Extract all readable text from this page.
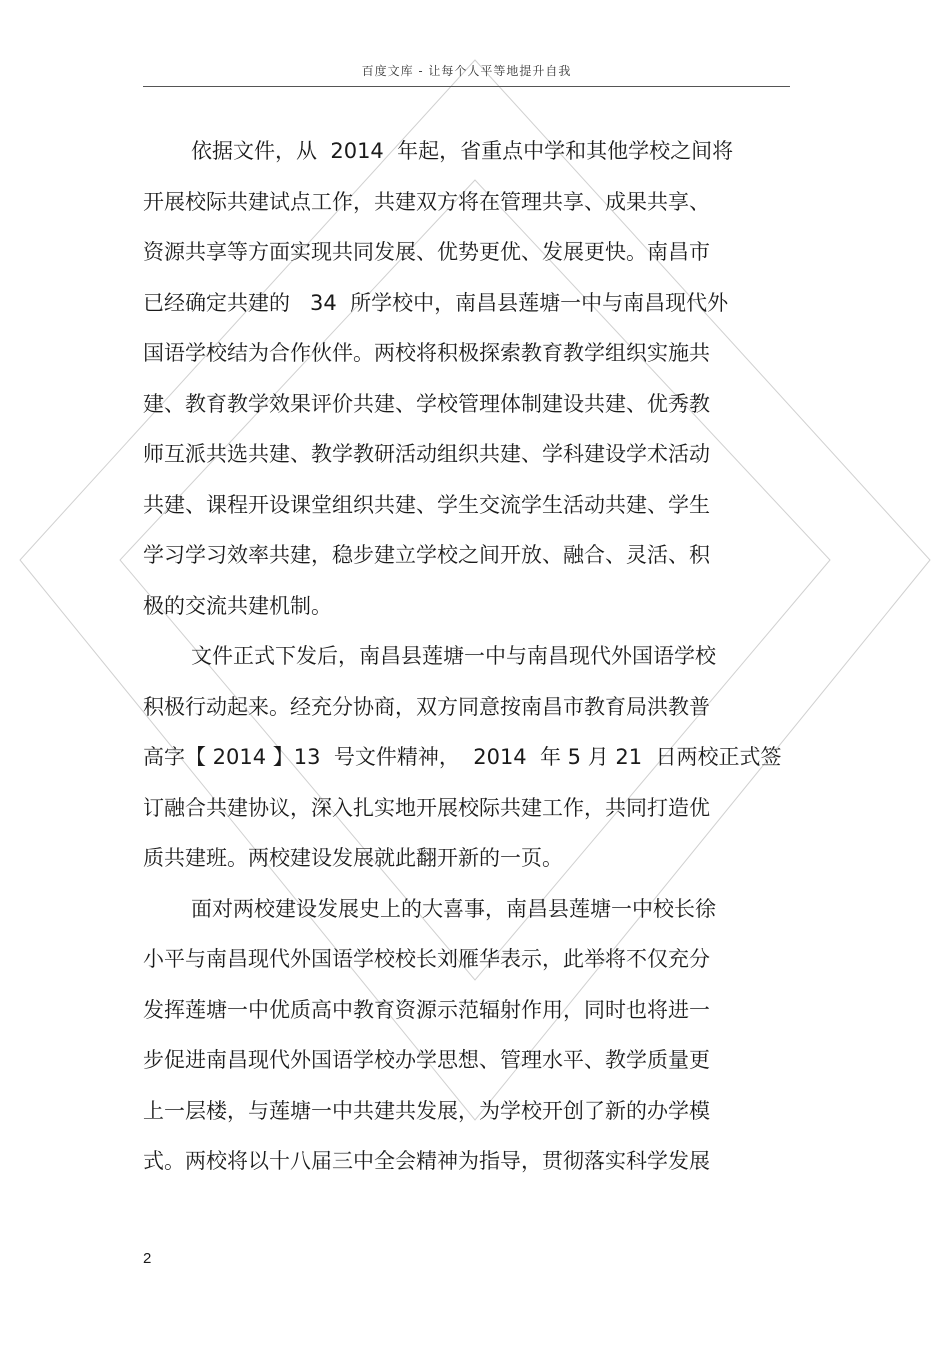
百度文库 - 让每个人平等地提升自我
依据文件，从  2014  年起，省重点中学和其他学校之间将
开展校际共建试点工作，共建双方将在管理共享、成果共享、
资源共享等方面实现共同发展、优势更优、发展更快。南昌市
已经确定共建的   34  所学校中，南昌县莲塘一中与南昌现代外
国语学校结为合作伙伴。两校将积极探索教育教学组织实施共
建、教育教学效果评价共建、学校管理体制建设共建、优秀教
师互派共选共建、教学教研活动组织共建、学科建设学术活动
共建、课程开设课堂组织共建、学生交流学生活动共建、学生
学习学习效率共建，稳步建立学校之间开放、融合、灵活、积
极的交流共建机制。
文件正式下发后，南昌县莲塘一中与南昌现代外国语学校
积极行动起来。经充分协商，双方同意按南昌市教育局洪教普
高字【 2014 】13  号文件精神，  2014  年 5 月 21  日两校正式签
订融合共建协议，深入扎实地开展校际共建工作，共同打造优
质共建班。两校建设发展就此翻开新的一页。
面对两校建设发展史上的大喜事，南昌县莲塘一中校长徐
小平与南昌现代外国语学校校长刘雁华表示，此举将不仅充分
发挥莲塘一中优质高中教育资源示范辐射作用，同时也将进一
步促进南昌现代外国语学校办学思想、管理水平、教学质量更
上一层楼，与莲塘一中共建共发展，为学校开创了新的办学模
式。两校将以十八届三中全会精神为指导，贯彻落实科学发展
2
